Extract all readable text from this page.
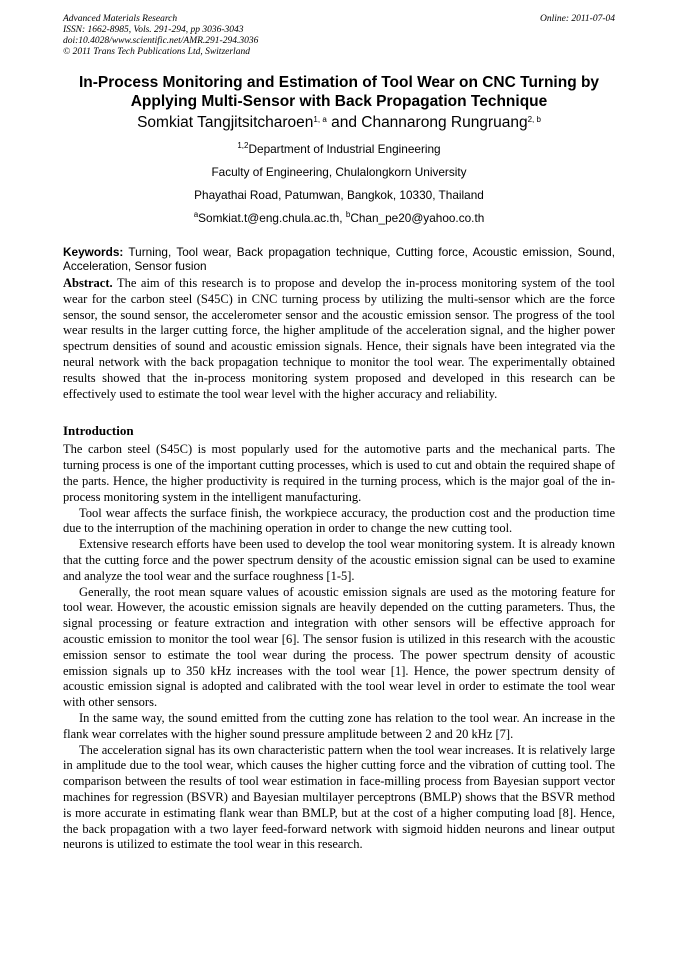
Advanced Materials Research
ISSN: 1662-8985, Vols. 291-294, pp 3036-3043
doi:10.4028/www.scientific.net/AMR.291-294.3036
© 2011 Trans Tech Publications Ltd, Switzerland
Online: 2011-07-04
In-Process Monitoring and Estimation of Tool Wear on CNC Turning by Applying Multi-Sensor with Back Propagation Technique
Somkiat Tangjitsitcharoen$^{1, a}$ and Channarong Rungruang$^{2, b}$
$^{1,2}$Department of Industrial Engineering
Faculty of Engineering, Chulalongkorn University
Phayathai Road, Patumwan, Bangkok, 10330, Thailand
$^a$Somkiat.t@eng.chula.ac.th, $^b$Chan_pe20@yahoo.co.th
Keywords: Turning, Tool wear, Back propagation technique, Cutting force, Acoustic emission, Sound, Acceleration, Sensor fusion
Abstract. The aim of this research is to propose and develop the in-process monitoring system of the tool wear for the carbon steel (S45C) in CNC turning process by utilizing the multi-sensor which are the force sensor, the sound sensor, the accelerometer sensor and the acoustic emission sensor. The progress of the tool wear results in the larger cutting force, the higher amplitude of the acceleration signal, and the higher power spectrum densities of sound and acoustic emission signals. Hence, their signals have been integrated via the neural network with the back propagation technique to monitor the tool wear. The experimentally obtained results showed that the in-process monitoring system proposed and developed in this research can be effectively used to estimate the tool wear level with the higher accuracy and reliability.
Introduction

The carbon steel (S45C) is most popularly used for the automotive parts and the mechanical parts. The turning process is one of the important cutting processes, which is used to cut and obtain the required shape of the parts. Hence, the higher productivity is required in the turning process, which is the major goal of the in-process monitoring system in the intelligent manufacturing.

Tool wear affects the surface finish, the workpiece accuracy, the production cost and the production time due to the interruption of the machining operation in order to change the new cutting tool.

Extensive research efforts have been used to develop the tool wear monitoring system. It is already known that the cutting force and the power spectrum density of the acoustic emission signal can be used to examine and analyze the tool wear and the surface roughness [1-5].

Generally, the root mean square values of acoustic emission signals are used as the motoring feature for tool wear. However, the acoustic emission signals are heavily depended on the cutting parameters. Thus, the signal processing or feature extraction and integration with other sensors will be effective approach for acoustic emission to monitor the tool wear [6]. The sensor fusion is utilized in this research with the acoustic emission sensor to estimate the tool wear during the process. The power spectrum density of acoustic emission signals up to 350 kHz increases with the tool wear [1]. Hence, the power spectrum density of acoustic emission signal is adopted and calibrated with the tool wear level in order to estimate the tool wear with other sensors.

In the same way, the sound emitted from the cutting zone has relation to the tool wear. An increase in the flank wear correlates with the higher sound pressure amplitude between 2 and 20 kHz [7].

The acceleration signal has its own characteristic pattern when the tool wear increases. It is relatively large in amplitude due to the tool wear, which causes the higher cutting force and the vibration of cutting tool. The comparison between the results of tool wear estimation in face-milling process from Bayesian support vector machines for regression (BSVR) and Bayesian multilayer perceptrons (BMLP) shows that the BSVR method is more accurate in estimating flank wear than BMLP, but at the cost of a higher computing load [8]. Hence, the back propagation with a two layer feed-forward network with sigmoid hidden neurons and linear output neurons is utilized to estimate the tool wear in this research.
